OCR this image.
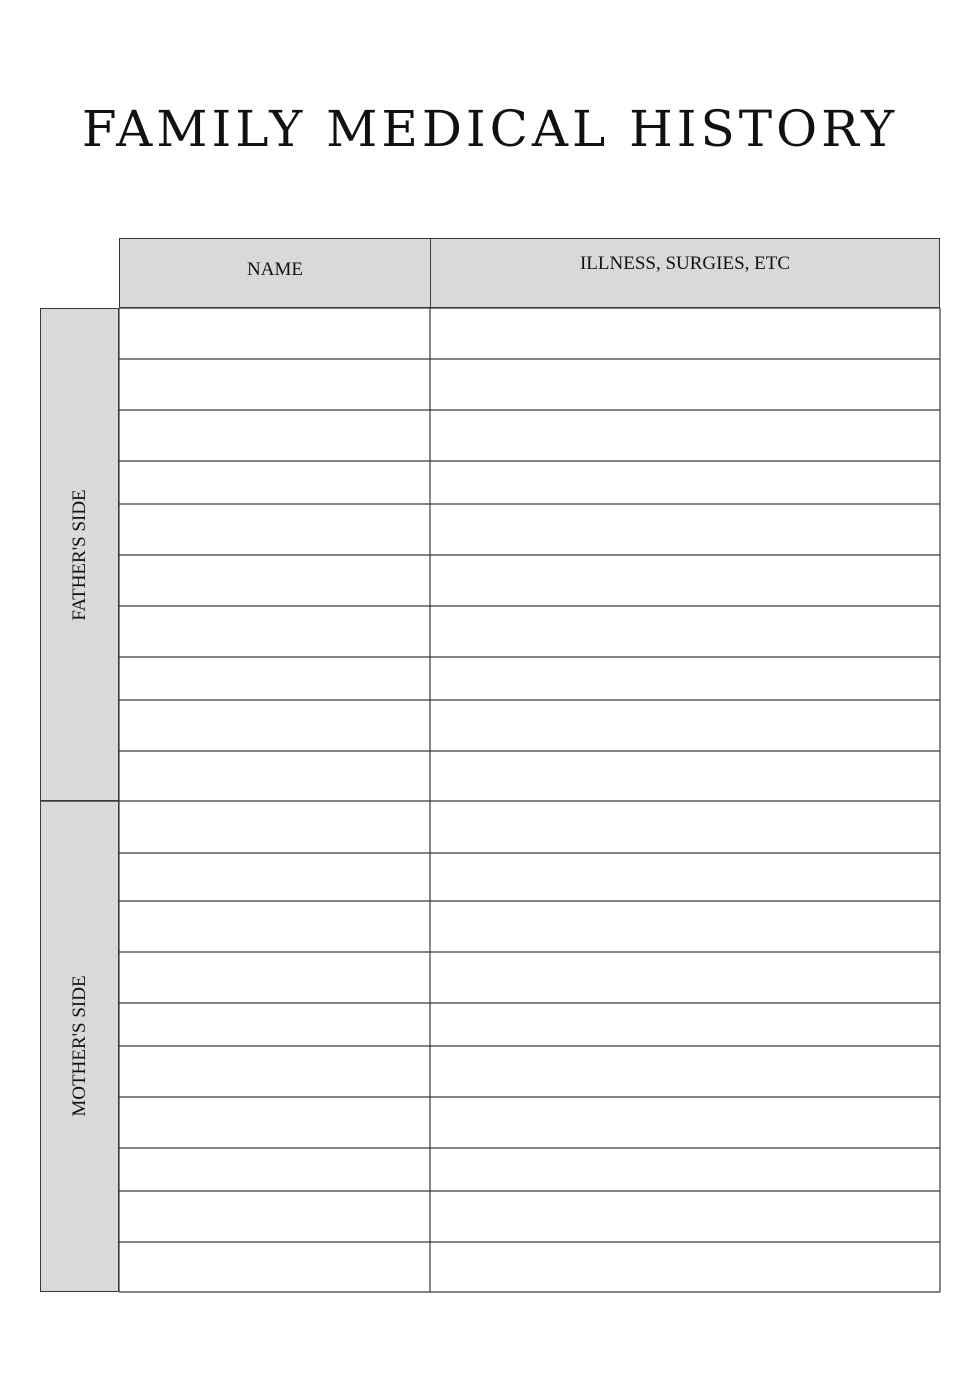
FAMILY MEDICAL HISTORY
NAME	ILLNESS, SURGIES, ETC
FATHER'S SIDE
MOTHER'S SIDE
